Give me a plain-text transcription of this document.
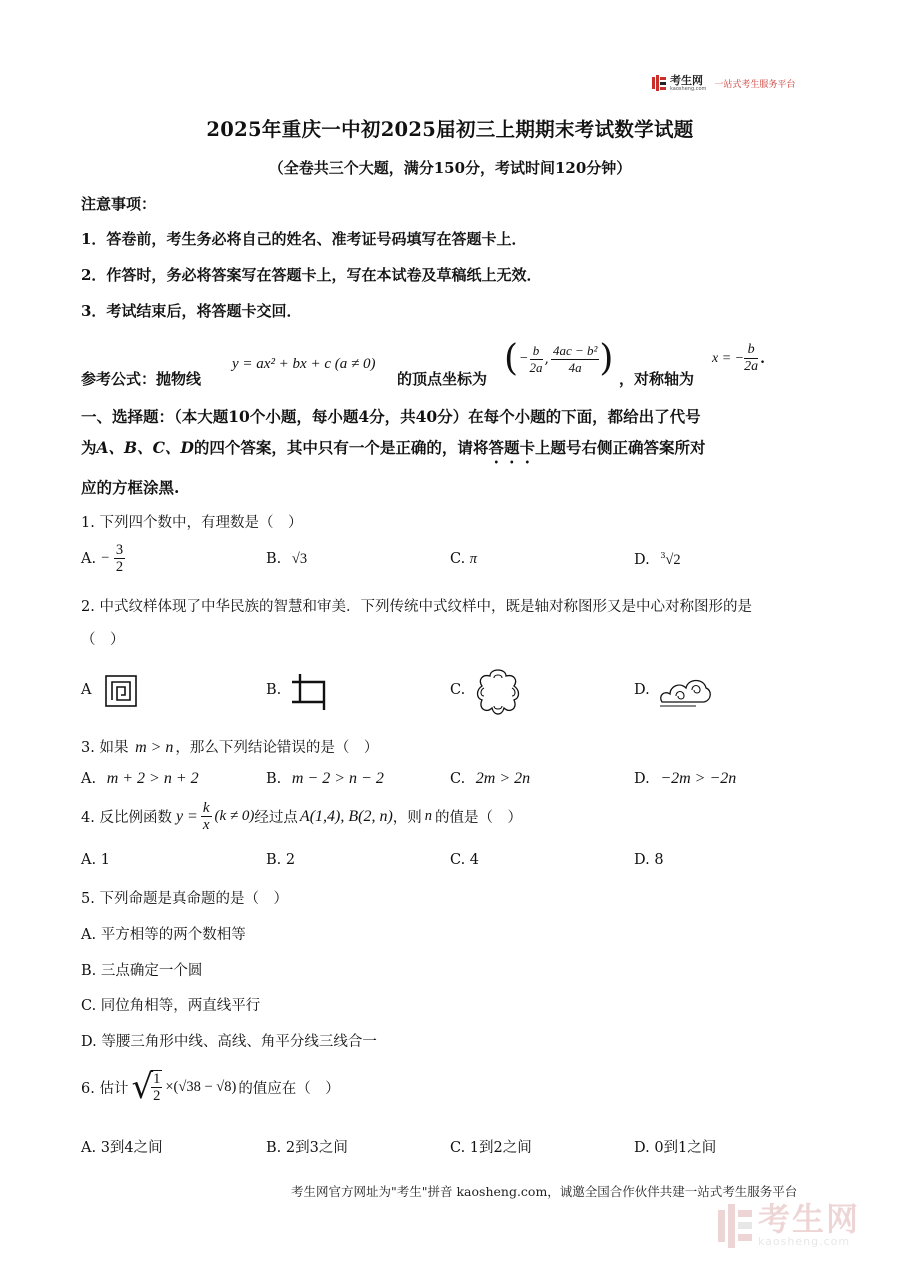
考生网
kaosheng.com 一站式考生服务平台
2025年重庆一中初2025届初三上期期末考试数学试题
（全卷共三个大题，满分150分，考试时间120分钟）
注意事项：
1．答卷前，考生务必将自己的姓名、准考证号码填写在答题卡上．
2．作答时，务必将答案写在答题卡上，写在本试卷及草稿纸上无效．
3．考试结束后，将答题卡交回．
参考公式：抛物线
y = ax² + bx + c (a ≠ 0)
的顶点坐标为 ( − $\frac{b}{2a}$ , $\frac{\text{4ac − b²}}{4a}$ ) ，对称轴为
x = − $\frac{b}{2a}$ .
一、选择题：（本大题10个小题，每小题4分，共40分）在每个小题的下面，都给出了代号
为A、B、C、D的四个答案，其中只有一个是正确的，请将答题卡上题号右侧正确答案所对
应的方框涂黑.
1. 下列四个数中，有理数是（　）
A. − $\frac{3}{2}$	B. √3	C. π	D. $^3$√2
2. 中式纹样体现了中华民族的智慧和审美．下列传统中式纹样中，既是轴对称图形又是中心对称图形的是
（　）
A	B.	C.	D.
3. 如果 m > n ，那么下列结论错误的是（　）
A. m + 2 > n + 2	B. m − 2 > n − 2	C. 2m > 2n	D. −2m > −2n
4. 反比例函数 $y = \frac{k}{x} (k \ne 0)$ 经过点 A(1,4), B(2, n) ，则 n 的值是（　）
A. 1	B. 2	C. 4	D. 8
5. 下列命题是真命题的是（　）
A. 平方相等的两个数相等
B. 三点确定一个圆
C. 同位角相等，两直线平行
D. 等腰三角形中线、高线、角平分线三线合一
6. 估计 √
$\frac{1}{2} \times(√38 - √8)$ 的值应在（　）
A. 3到4之间	B. 2到3之间	C. 1到2之间	D. 0到1之间
考生网官方网址为"考生"拼音 kaosheng.com，诚邀全国合作伙伴共建一站式考生服务平台
考生网
kaosheng.com
